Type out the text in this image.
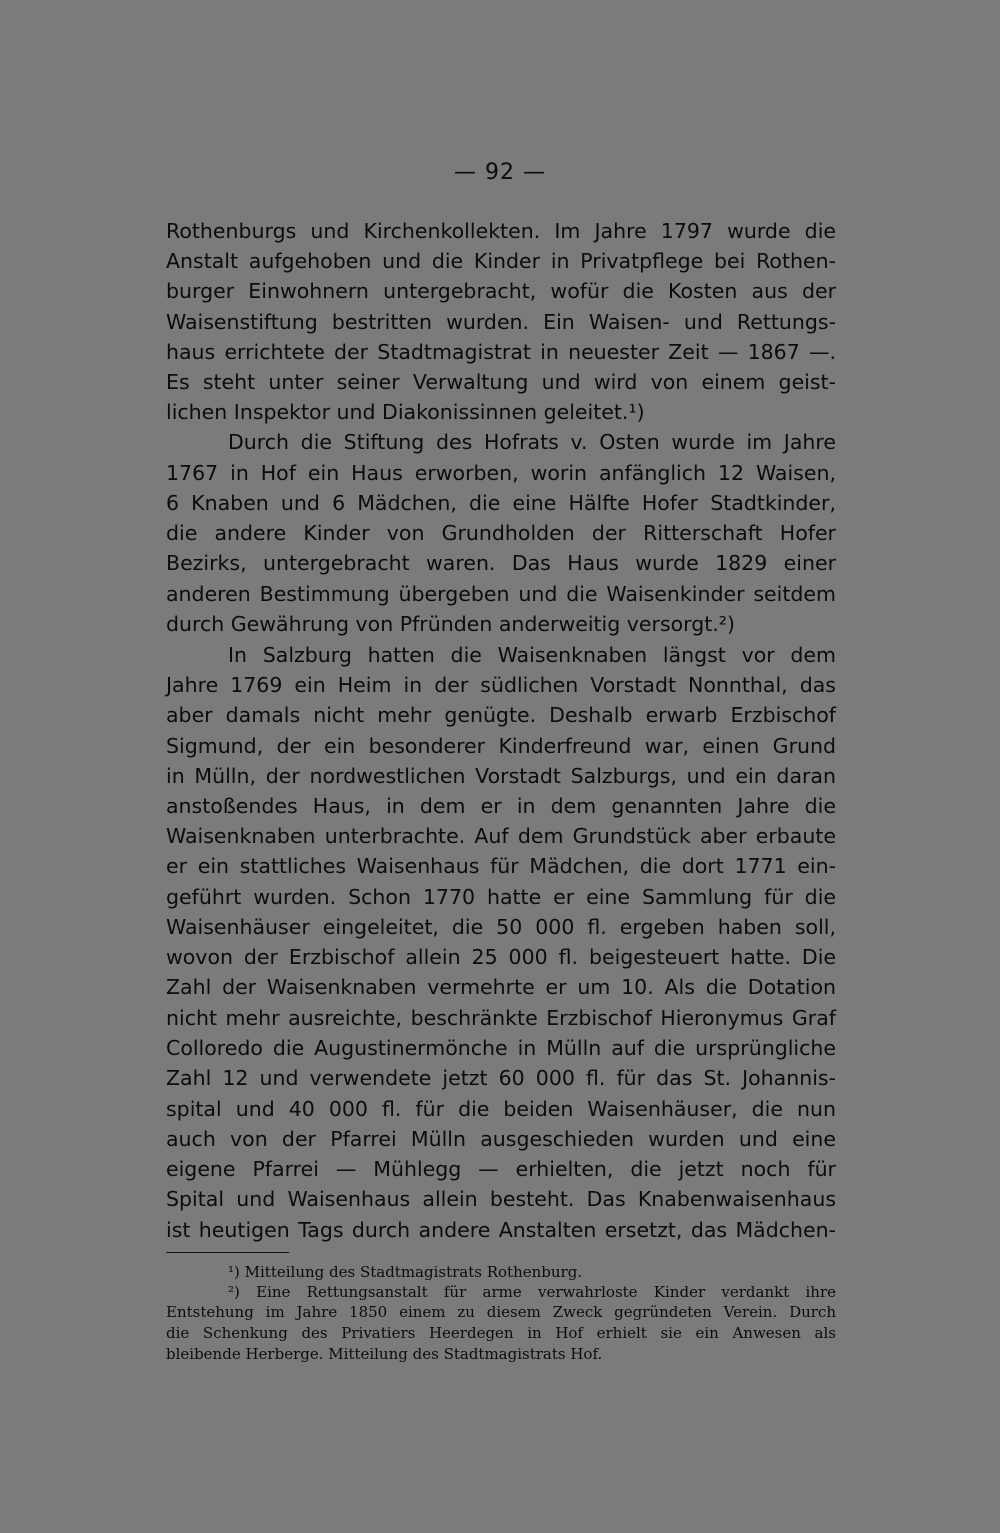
— 92 —
Rothenburgs und Kirchenkollekten. Im Jahre 1797 wurde die
Anstalt aufgehoben und die Kinder in Privatpflege bei Rothen-
burger Einwohnern untergebracht, wofür die Kosten aus der
Waisenstiftung bestritten wurden. Ein Waisen- und Rettungs-
haus errichtete der Stadtmagistrat in neuester Zeit — 1867 —.
Es steht unter seiner Verwaltung und wird von einem geist-
lichen Inspektor und Diakonissinnen geleitet.¹)
Durch die Stiftung des Hofrats v. Osten wurde im Jahre
1767 in Hof ein Haus erworben, worin anfänglich 12 Waisen,
6 Knaben und 6 Mädchen, die eine Hälfte Hofer Stadtkinder,
die andere Kinder von Grundholden der Ritterschaft Hofer
Bezirks, untergebracht waren. Das Haus wurde 1829 einer
anderen Bestimmung übergeben und die Waisenkinder seitdem
durch Gewährung von Pfründen anderweitig versorgt.²)
In Salzburg hatten die Waisenknaben längst vor dem
Jahre 1769 ein Heim in der südlichen Vorstadt Nonnthal, das
aber damals nicht mehr genügte. Deshalb erwarb Erzbischof
Sigmund, der ein besonderer Kinderfreund war, einen Grund
in Mülln, der nordwestlichen Vorstadt Salzburgs, und ein daran
anstoßendes Haus, in dem er in dem genannten Jahre die
Waisenknaben unterbrachte. Auf dem Grundstück aber erbaute
er ein stattliches Waisenhaus für Mädchen, die dort 1771 ein-
geführt wurden. Schon 1770 hatte er eine Sammlung für die
Waisenhäuser eingeleitet, die 50 000 fl. ergeben haben soll,
wovon der Erzbischof allein 25 000 fl. beigesteuert hatte. Die
Zahl der Waisenknaben vermehrte er um 10. Als die Dotation
nicht mehr ausreichte, beschränkte Erzbischof Hieronymus Graf
Colloredo die Augustinermönche in Mülln auf die ursprüngliche
Zahl 12 und verwendete jetzt 60 000 fl. für das St. Johannis-
spital und 40 000 fl. für die beiden Waisenhäuser, die nun
auch von der Pfarrei Mülln ausgeschieden wurden und eine
eigene Pfarrei — Mühlegg — erhielten, die jetzt noch für
Spital und Waisenhaus allein besteht. Das Knabenwaisenhaus
ist heutigen Tags durch andere Anstalten ersetzt, das Mädchen-
¹) Mitteilung des Stadtmagistrats Rothenburg.
²) Eine Rettungsanstalt für arme verwahrloste Kinder verdankt ihre
Entstehung im Jahre 1850 einem zu diesem Zweck gegründeten Verein. Durch
die Schenkung des Privatiers Heerdegen in Hof erhielt sie ein Anwesen als
bleibende Herberge. Mitteilung des Stadtmagistrats Hof.
